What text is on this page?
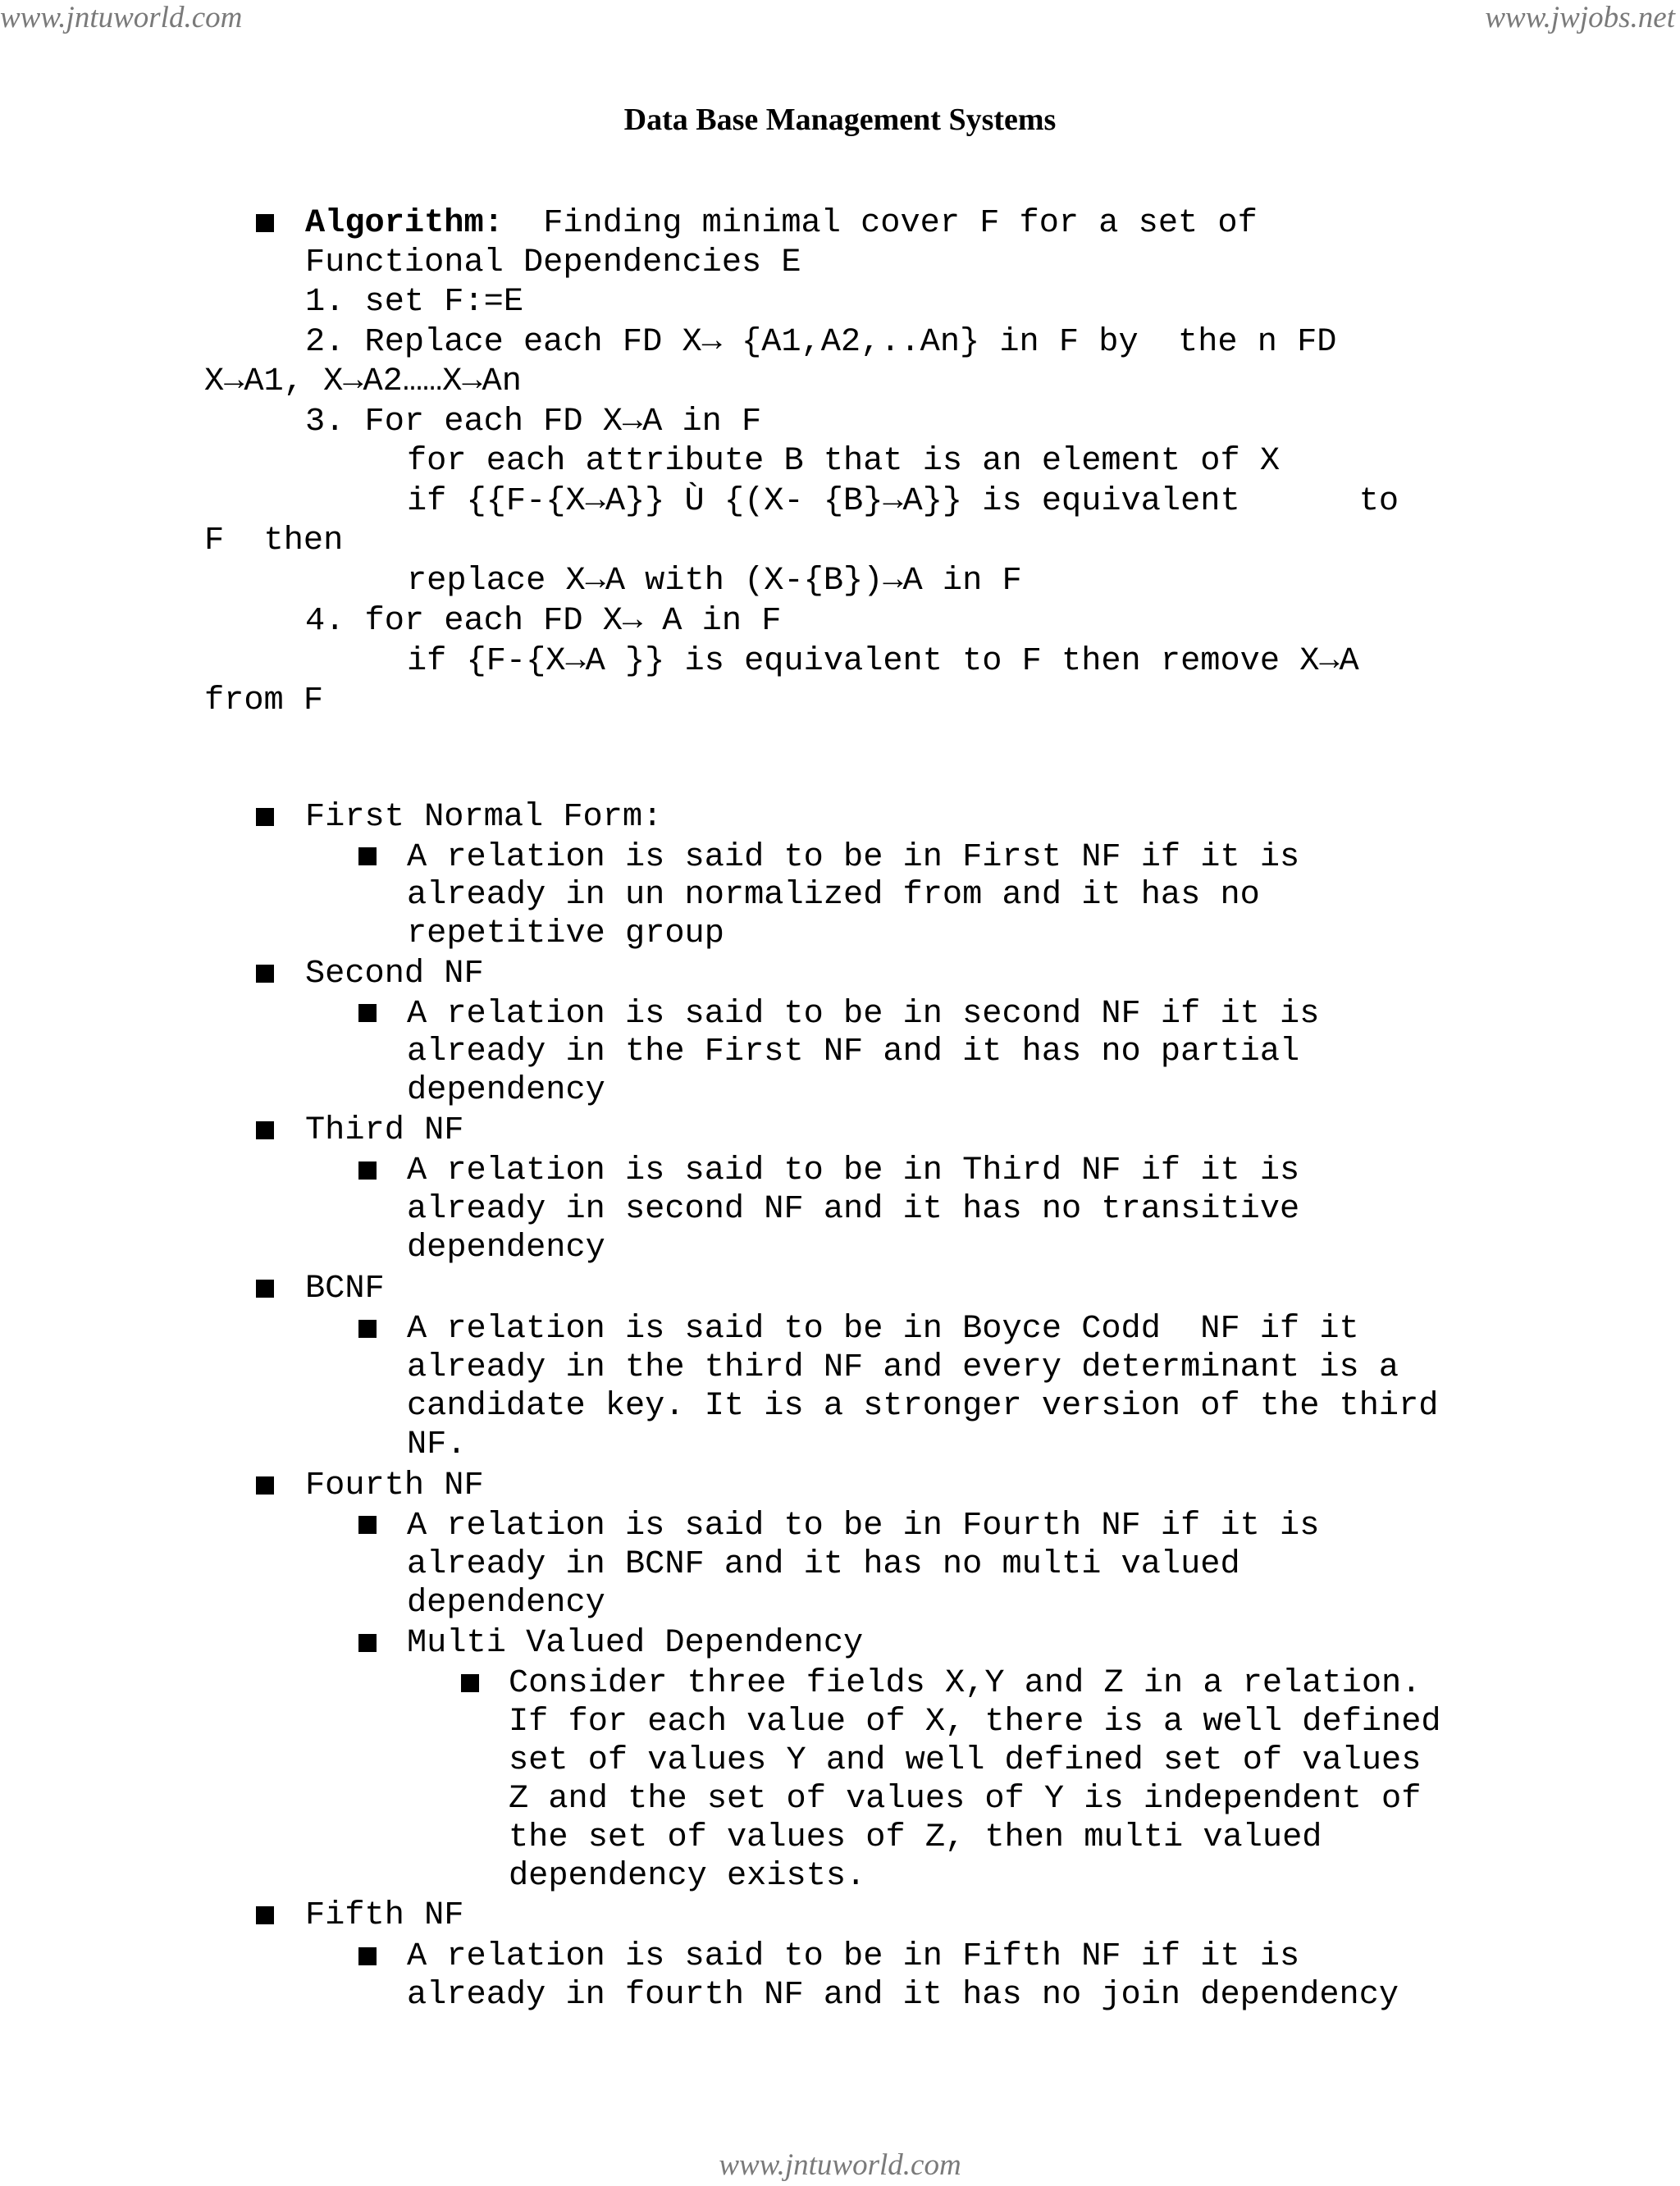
www.jntuworld.com	www.jwjobs.net
Data Base Management Systems
Algorithm:  Finding minimal cover F for a set of
Functional Dependencies E
1. set F:=E
2. Replace each FD X→ {A1,A2,..An} in F by  the n FD
X→A1, X→A2……X→An
3. For each FD X→A in F
for each attribute B that is an element of X
if {{F-{X→A}} Ù {(X- {B}→A}} is equivalent      to
F  then
replace X→A with (X-{B})→A in F
4. for each FD X→ A in F
if {F-{X→A }} is equivalent to F then remove X→A
from F
First Normal Form:
A relation is said to be in First NF if it is
already in un normalized from and it has no
repetitive group
Second NF
A relation is said to be in second NF if it is
already in the First NF and it has no partial
dependency
Third NF
A relation is said to be in Third NF if it is
already in second NF and it has no transitive
dependency
BCNF
A relation is said to be in Boyce Codd  NF if it
already in the third NF and every determinant is a
candidate key. It is a stronger version of the third
NF.
Fourth NF
A relation is said to be in Fourth NF if it is
already in BCNF and it has no multi valued
dependency
Multi Valued Dependency
Consider three fields X,Y and Z in a relation.
If for each value of X, there is a well defined
set of values Y and well defined set of values
Z and the set of values of Y is independent of
the set of values of Z, then multi valued
dependency exists.
Fifth NF
A relation is said to be in Fifth NF if it is
already in fourth NF and it has no join dependency
www.jntuworld.com
